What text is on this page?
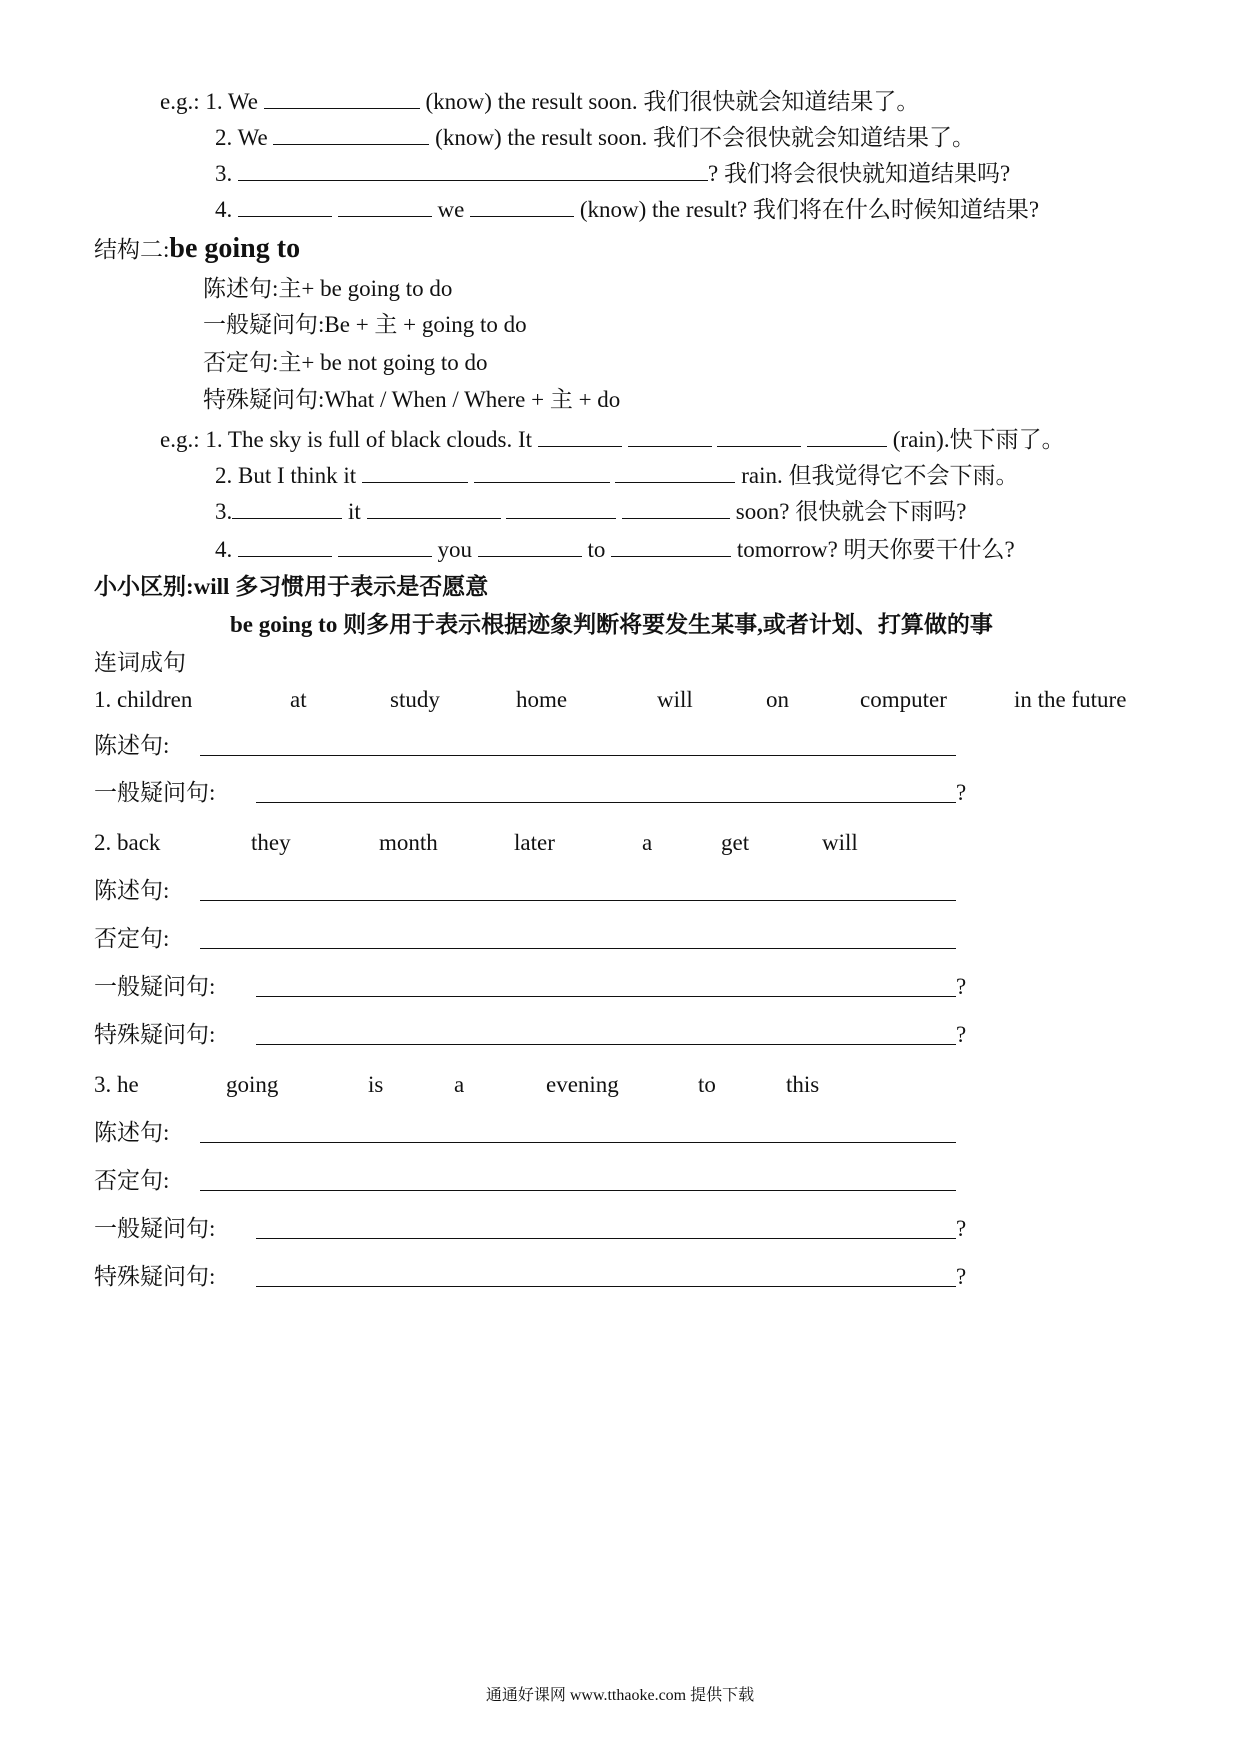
e.g.: 1. We	(know) the result soon. 我们很快就会知道结果了。
2. We	(know) the result soon. 我们不会很快就会知道结果了。
3.	? 我们将会很快就知道结果吗?
4.	we	(know) the result? 我们将在什么时候知道结果?
结构二:be going to
陈述句:主+ be going to do
一般疑问句:Be + 主 + going to do
否定句:主+ be not going to do
特殊疑问句:What / When / Where + 主 + do
e.g.: 1. The sky is full of black clouds. It	(rain).快下雨了。
2. But I think it	rain. 但我觉得它不会下雨。
3.	it	soon? 很快就会下雨吗?
4.	you	to	tomorrow? 明天你要干什么?
小小区别:will 多习惯用于表示是否愿意
be going to 则多用于表示根据迹象判断将要发生某事,或者计划、打算做的事
连词成句
1. children	at	study	home	will	on	computer	in the future
陈述句:
一般疑问句:	?
2. back	they	month	later	a	get	will
陈述句:
否定句:
一般疑问句:	?
特殊疑问句:	?
3. he	going	is	a	evening	to	this
陈述句:
否定句:
一般疑问句:	?
特殊疑问句:	?
通通好课网 www.tthaoke.com 提供下载
